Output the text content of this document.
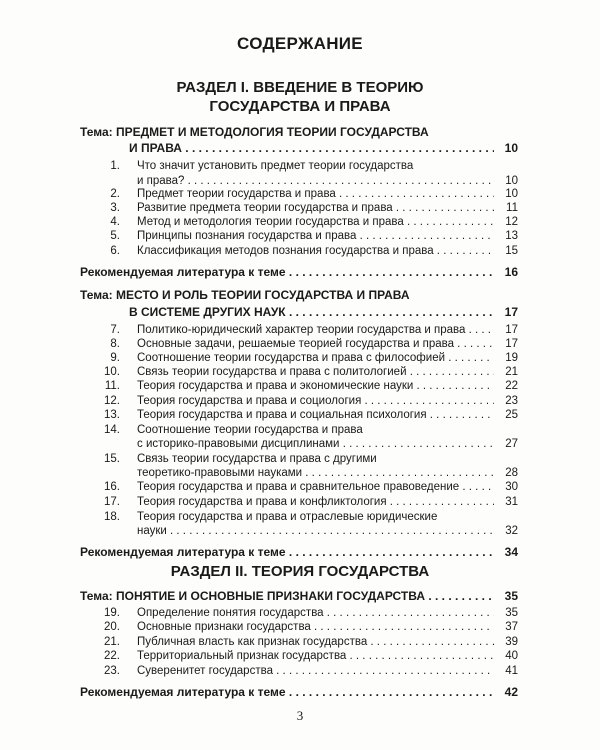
СОДЕРЖАНИЕ
РАЗДЕЛ I. ВВЕДЕНИЕ В ТЕОРИЮ
ГОСУДАРСТВА И ПРАВА
Тема: ПРЕДМЕТ И МЕТОДОЛОГИЯ ТЕОРИИ ГОСУДАРСТВА
И ПРАВА . . .	10
1. Что значит установить предмет теории государства
и права? . . .	10
2. Предмет теории государства и права . . .	10
3. Развитие предмета теории государства и права . . .	11
4. Метод и методология теории государства и права . . .	12
5. Принципы познания государства и права . . .	13
6. Классификация методов познания государства и права . . .	15
Рекомендуемая литература к теме . . .	16
Тема: МЕСТО И РОЛЬ ТЕОРИИ ГОСУДАРСТВА И ПРАВА
В СИСТЕМЕ ДРУГИХ НАУК . . .	17
7. Политико-юридический характер теории государства и права . . .	17
8. Основные задачи, решаемые теорией государства и права . . .	17
9. Соотношение теории государства и права с философией . . .	19
10. Связь теории государства и права с политологией . . .	21
11. Теория государства и права и экономические науки . . .	22
12. Теория государства и права и социология . . .	23
13. Теория государства и права и социальная психология . . .	25
14. Соотношение теории государства и права
с историко-правовыми дисциплинами . . .	27
15. Связь теории государства и права с другими
теоретико-правовыми науками . . .	28
16. Теория государства и права и сравнительное правоведение . . .	30
17. Теория государства и права и конфликтология . . .	31
18. Теория государства и права и отраслевые юридические
науки . . .	32
Рекомендуемая литература к теме . . .	34
РАЗДЕЛ II. ТЕОРИЯ ГОСУДАРСТВА
Тема: ПОНЯТИЕ И ОСНОВНЫЕ ПРИЗНАКИ ГОСУДАРСТВА . . .	35
19. Определение понятия государства . . .	35
20. Основные признаки государства . . .	37
21. Публичная власть как признак государства . . .	39
22. Территориальный признак государства . . .	40
23. Суверенитет государства . . .	41
Рекомендуемая литература к теме . . .	42
3
